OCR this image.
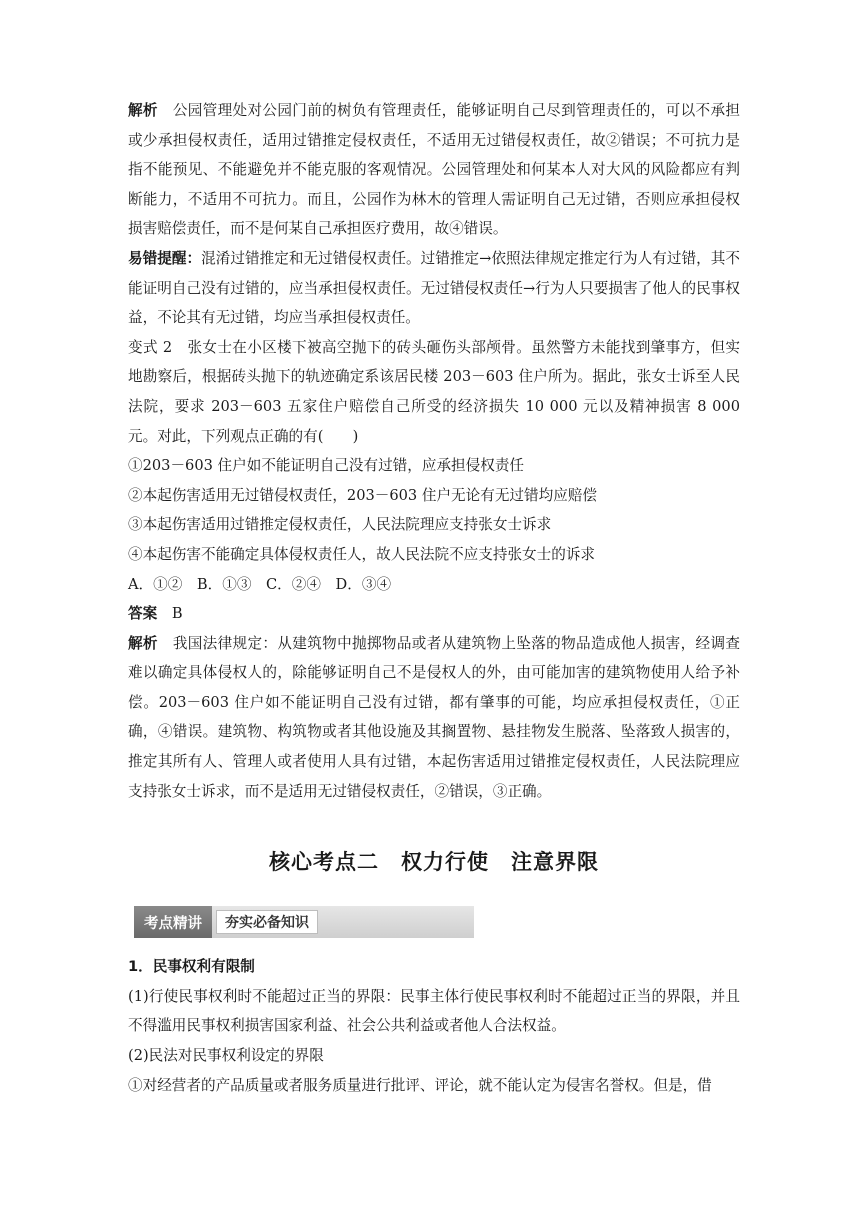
解析　 公园管理处对公园门前的树负有管理责任，能够证明自己尽到管理责任的，可以不承担或少承担侵权责任，适用过错推定侵权责任，不适用无过错侵权责任，故②错误；不可抗力是指不能预见、不能避免并不能克服的客观情况。公园管理处和何某本人对大风的风险都应有判断能力，不适用不可抗力。而且，公园作为林木的管理人需证明自己无过错，否则应承担侵权损害赔偿责任，而不是何某自己承担医疗费用，故④错误。

易错提醒：混淆过错推定和无过错侵权责任。过错推定→依照法律规定推定行为人有过错，其不能证明自己没有过错的，应当承担侵权责任。无过错侵权责任→行为人只要损害了他人的民事权益，不论其有无过错，均应当承担侵权责任。

变式 2　张女士在小区楼下被高空抛下的砖头砸伤头部颅骨。虽然警方未能找到肇事方，但实地勘察后，根据砖头抛下的轨迹确定系该居民楼 203－603 住户所为。据此，张女士诉至人民法院，要求 203－603 五家住户赔偿自己所受的经济损失 10 000 元以及精神损害 8 000 元。对此，下列观点正确的有(　　)

①203－603 住户如不能证明自己没有过错，应承担侵权责任

②本起伤害适用无过错侵权责任，203－603 住户无论有无过错均应赔偿

③本起伤害适用过错推定侵权责任，人民法院理应支持张女士诉求

④本起伤害不能确定具体侵权责任人，故人民法院不应支持张女士的诉求

A．①②　B．①③　C．②④　D．③④

答案　 B

解析　 我国法律规定：从建筑物中抛掷物品或者从建筑物上坠落的物品造成他人损害，经调查难以确定具体侵权人的，除能够证明自己不是侵权人的外，由可能加害的建筑物使用人给予补偿。203－603 住户如不能证明自己没有过错，都有肇事的可能，均应承担侵权责任，①正确，④错误。建筑物、构筑物或者其他设施及其搁置物、悬挂物发生脱落、坠落致人损害的，推定其所有人、管理人或者使用人具有过错，本起伤害适用过错推定侵权责任，人民法院理应支持张女士诉求，而不是适用无过错侵权责任，②错误，③正确。

核心考点二　权力行使　注意界限
考点精讲	夯实必备知识

1．民事权利有限制

(1)行使民事权利时不能超过正当的界限：民事主体行使民事权利时不能超过正当的界限，并且不得滥用民事权利损害国家利益、社会公共利益或者他人合法权益。

(2)民法对民事权利设定的界限

①对经营者的产品质量或者服务质量进行批评、评论，就不能认定为侵害名誉权。但是，借
